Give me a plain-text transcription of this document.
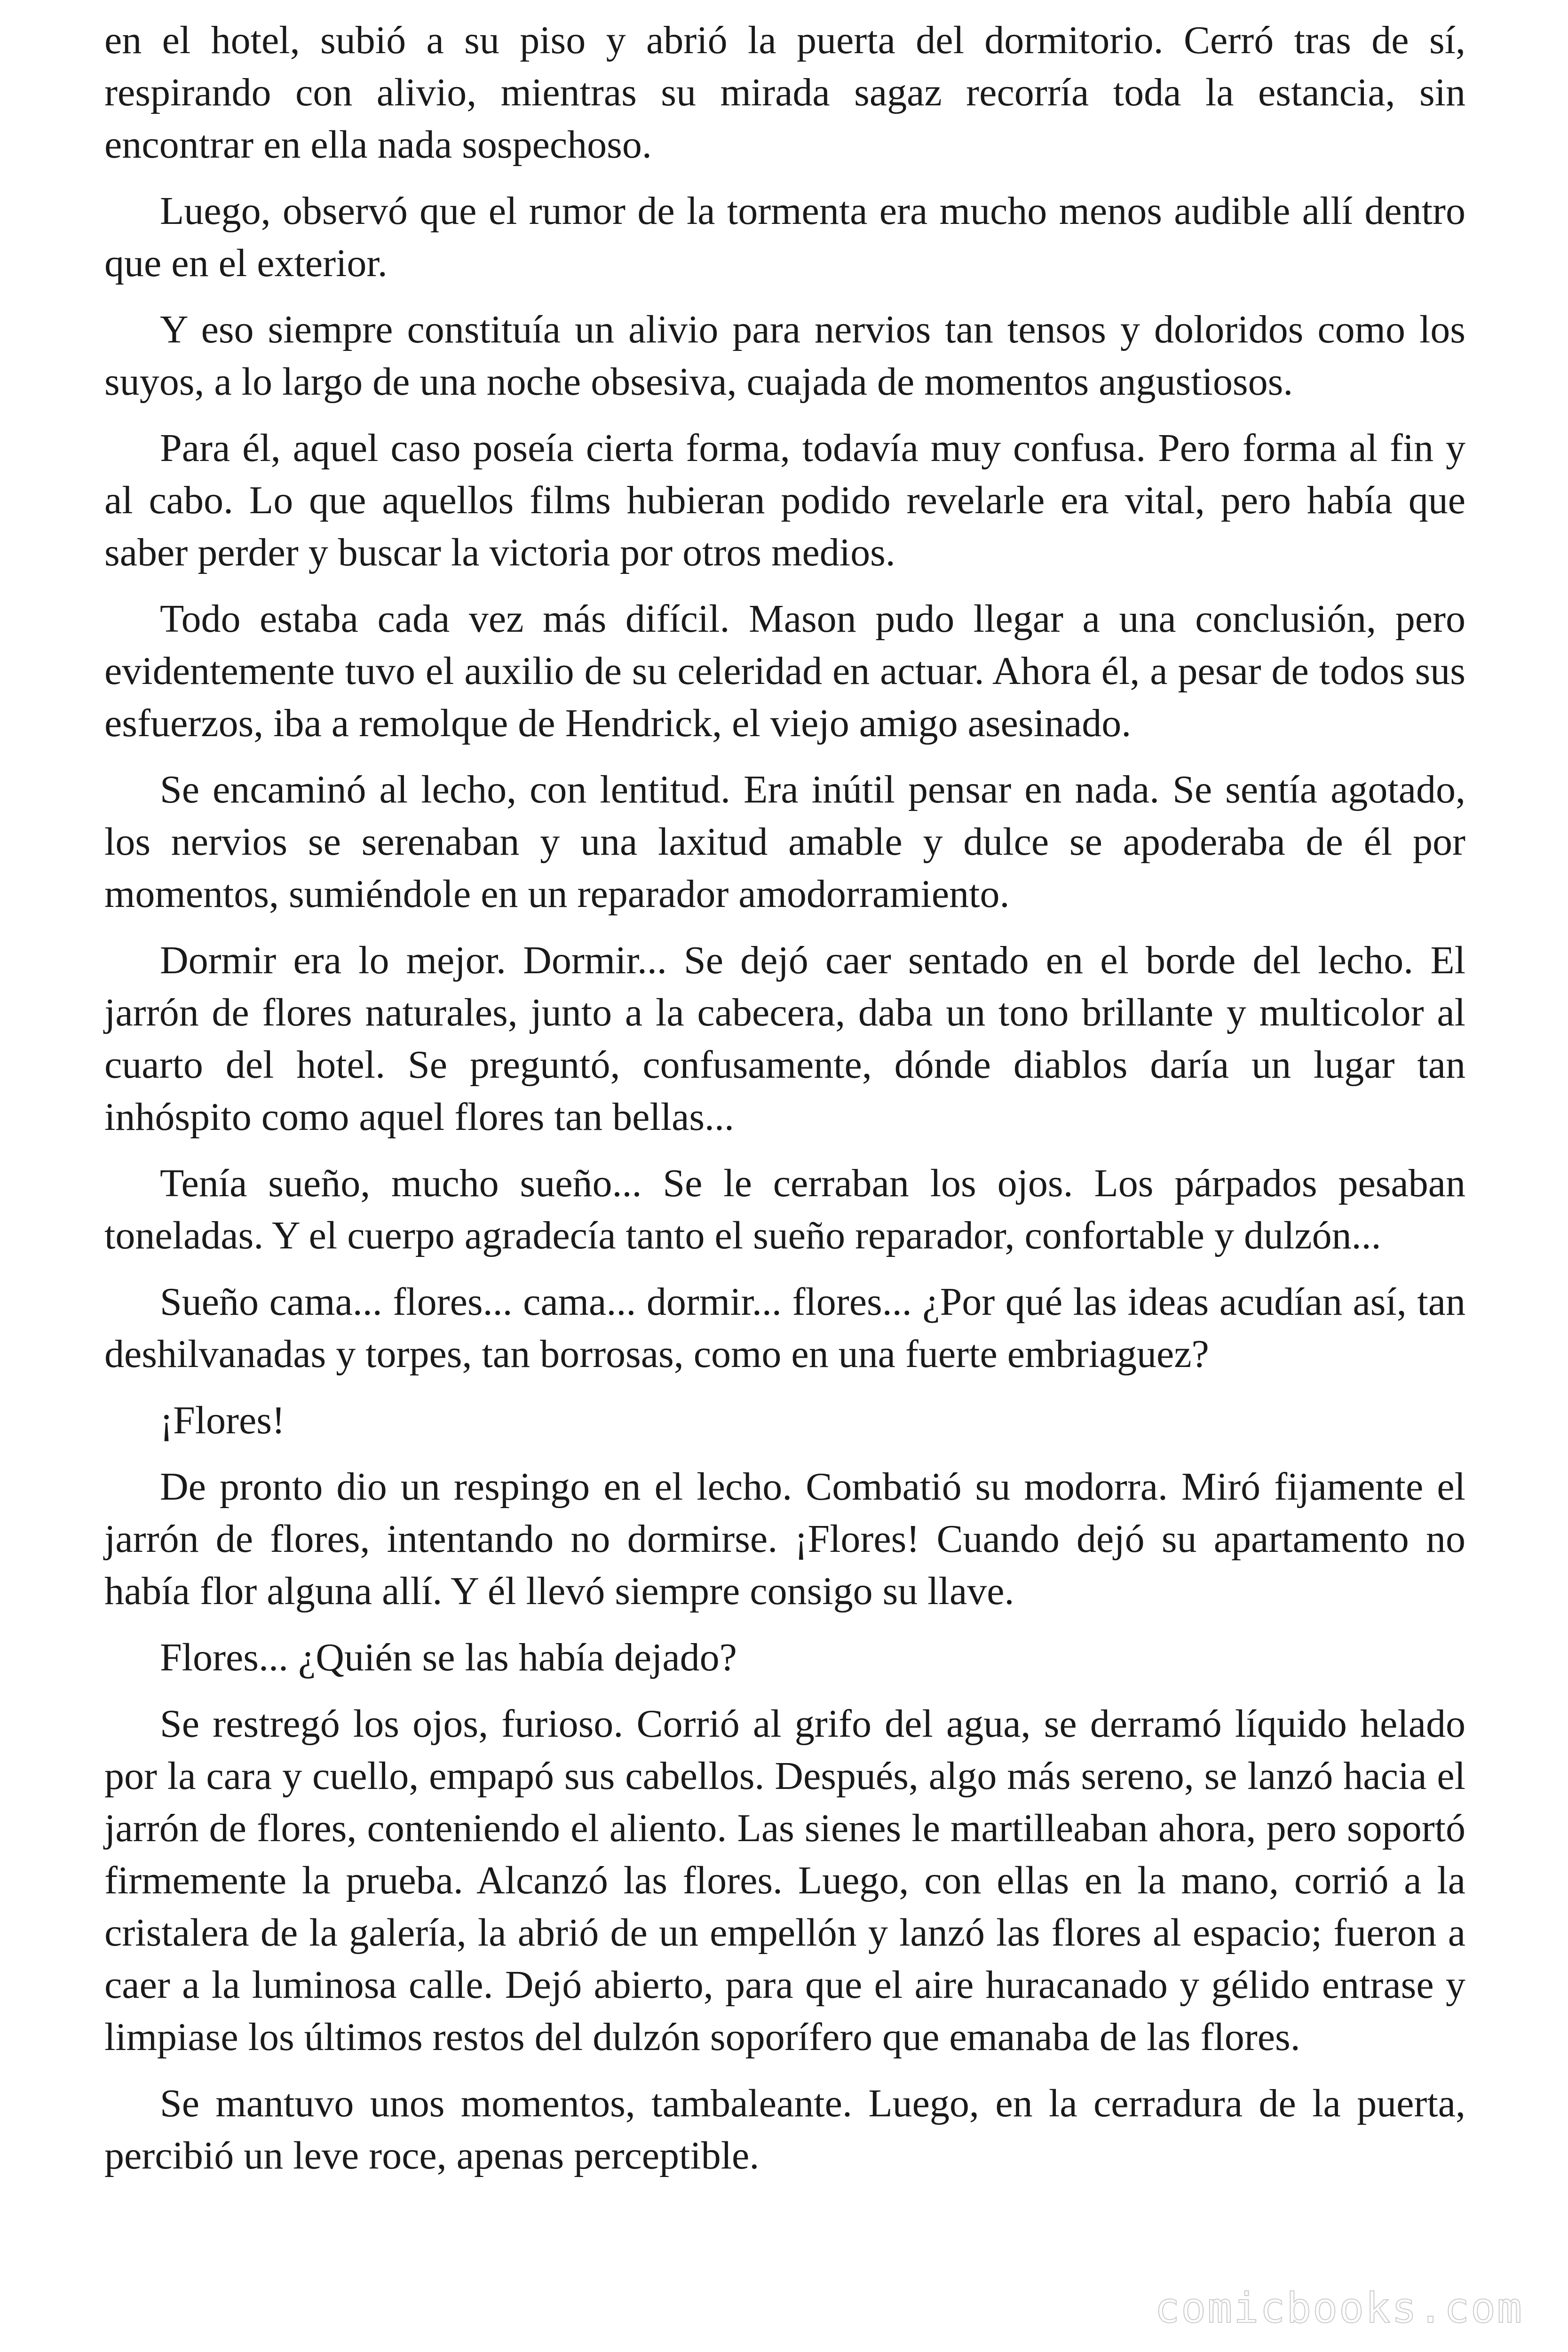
en el hotel, subió a su piso y abrió la puerta del dormitorio. Cerró tras de sí, respirando con alivio, mientras su mirada sagaz recorría toda la estancia, sin encontrar en ella nada sospechoso.

Luego, observó que el rumor de la tormenta era mucho menos audible allí dentro que en el exterior.

Y eso siempre constituía un alivio para nervios tan tensos y doloridos como los suyos, a lo largo de una noche obsesiva, cuajada de momentos angustiosos.

Para él, aquel caso poseía cierta forma, todavía muy confusa. Pero forma al fin y al cabo. Lo que aquellos films hubieran podido revelarle era vital, pero había que saber perder y buscar la victoria por otros medios.

Todo estaba cada vez más difícil. Mason pudo llegar a una conclusión, pero evidentemente tuvo el auxilio de su celeridad en actuar. Ahora él, a pesar de todos sus esfuerzos, iba a remolque de Hendrick, el viejo amigo asesinado.

Se encaminó al lecho, con lentitud. Era inútil pensar en nada. Se sentía agotado, los nervios se serenaban y una laxitud amable y dulce se apoderaba de él por momentos, sumiéndole en un reparador amodorramiento.

Dormir era lo mejor. Dormir... Se dejó caer sentado en el borde del lecho. El jarrón de flores naturales, junto a la cabecera, daba un tono brillante y multicolor al cuarto del hotel. Se preguntó, confusamente, dónde diablos daría un lugar tan inhóspito como aquel flores tan bellas...

Tenía sueño, mucho sueño... Se le cerraban los ojos. Los párpados pesaban toneladas. Y el cuerpo agradecía tanto el sueño reparador, confortable y dulzón...

Sueño cama... flores... cama... dormir... flores... ¿Por qué las ideas acudían así, tan deshilvanadas y torpes, tan borrosas, como en una fuerte embriaguez?

¡Flores!

De pronto dio un respingo en el lecho. Combatió su modorra. Miró fijamente el jarrón de flores, intentando no dormirse. ¡Flores! Cuando dejó su apartamento no había flor alguna allí. Y él llevó siempre consigo su llave.

Flores... ¿Quién se las había dejado?

Se restregó los ojos, furioso. Corrió al grifo del agua, se derramó líquido helado por la cara y cuello, empapó sus cabellos. Después, algo más sereno, se lanzó hacia el jarrón de flores, conteniendo el aliento. Las sienes le martilleaban ahora, pero soportó firmemente la prueba. Alcanzó las flores. Luego, con ellas en la mano, corrió a la cristalera de la galería, la abrió de un empellón y lanzó las flores al espacio; fueron a caer a la luminosa calle. Dejó abierto, para que el aire huracanado y gélido entrase y limpiase los últimos restos del dulzón soporífero que emanaba de las flores.

Se mantuvo unos momentos, tambaleante. Luego, en la cerradura de la puerta, percibió un leve roce, apenas perceptible.

comicbooks.com
